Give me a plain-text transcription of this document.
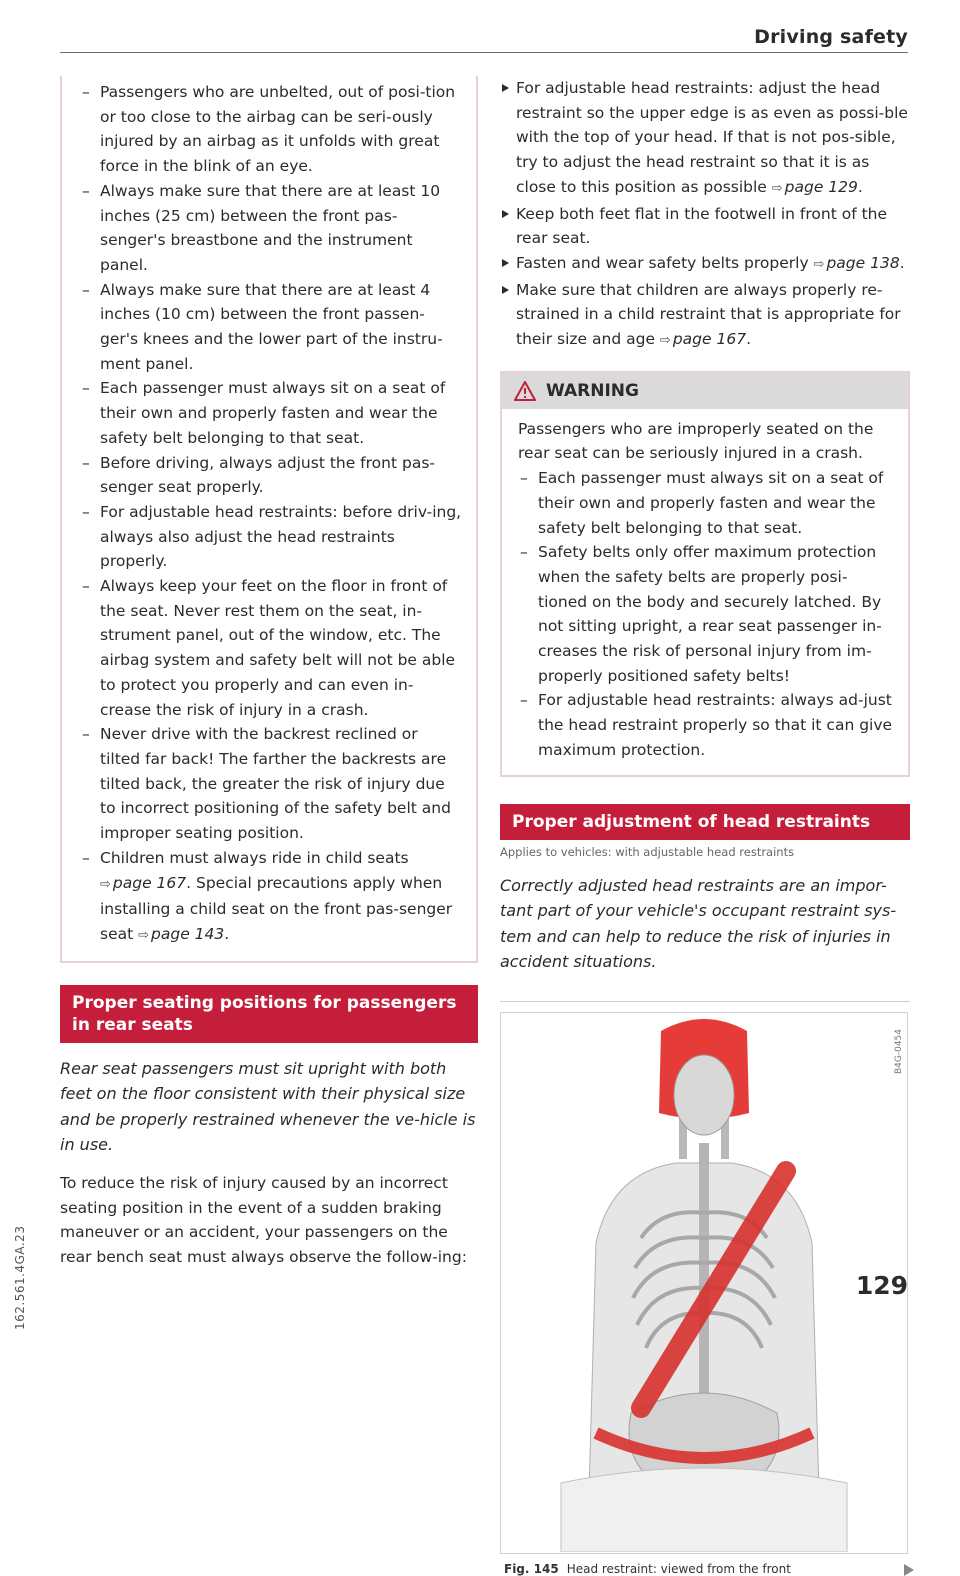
Driving safety
– Passengers who are unbelted, out of posi-tion or too close to the airbag can be seri-ously injured by an airbag as it unfolds with great force in the blink of an eye.
– Always make sure that there are at least 10 inches (25 cm) between the front pas-senger's breastbone and the instrument panel.
– Always make sure that there are at least 4 inches (10 cm) between the front passen-ger's knees and the lower part of the instru-ment panel.
– Each passenger must always sit on a seat of their own and properly fasten and wear the safety belt belonging to that seat.
– Before driving, always adjust the front pas-senger seat properly.
– For adjustable head restraints: before driv-ing, always also adjust the head restraints properly.
– Always keep your feet on the floor in front of the seat. Never rest them on the seat, in-strument panel, out of the window, etc. The airbag system and safety belt will not be able to protect you properly and can even in-crease the risk of injury in a crash.
– Never drive with the backrest reclined or tilted far back! The farther the backrests are tilted back, the greater the risk of injury due to incorrect positioning of the safety belt and improper seating position.
– Children must always ride in child seats ⇨ page 167. Special precautions apply when installing a child seat on the front pas-senger seat ⇨ page 143.
Proper seating positions for passengers in rear seats

Rear seat passengers must sit upright with both feet on the floor consistent with their physical size and be properly restrained whenever the ve-hicle is in use.

To reduce the risk of injury caused by an incorrect seating position in the event of a sudden braking maneuver or an accident, your passengers on the rear bench seat must always observe the follow-ing:

For adjustable head restraints: adjust the head restraint so the upper edge is as even as possi-ble with the top of your head. If that is not pos-sible, try to adjust the head restraint so that it is as close to this position as possible ⇨ page 129.
Keep both feet flat in the footwell in front of the rear seat.
Fasten and wear safety belts properly ⇨ page 138.
Make sure that children are always properly re-strained in a child restraint that is appropriate for their size and age ⇨ page 167.
WARNING

Passengers who are improperly seated on the rear seat can be seriously injured in a crash.

– Each passenger must always sit on a seat of their own and properly fasten and wear the safety belt belonging to that seat.
– Safety belts only offer maximum protection when the safety belts are properly posi-tioned on the body and securely latched. By not sitting upright, a rear seat passenger in-creases the risk of personal injury from im-properly positioned safety belts!
– For adjustable head restraints: always ad-just the head restraint properly so that it can give maximum protection.
Proper adjustment of head restraints

Applies to vehicles: with adjustable head restraints

Correctly adjusted head restraints are an impor-tant part of your vehicle's occupant restraint sys-tem and can help to reduce the risk of injuries in accident situations.

B4G-0454
Fig. 145 Head restraint: viewed from the front
129
162.561.4GA.23
